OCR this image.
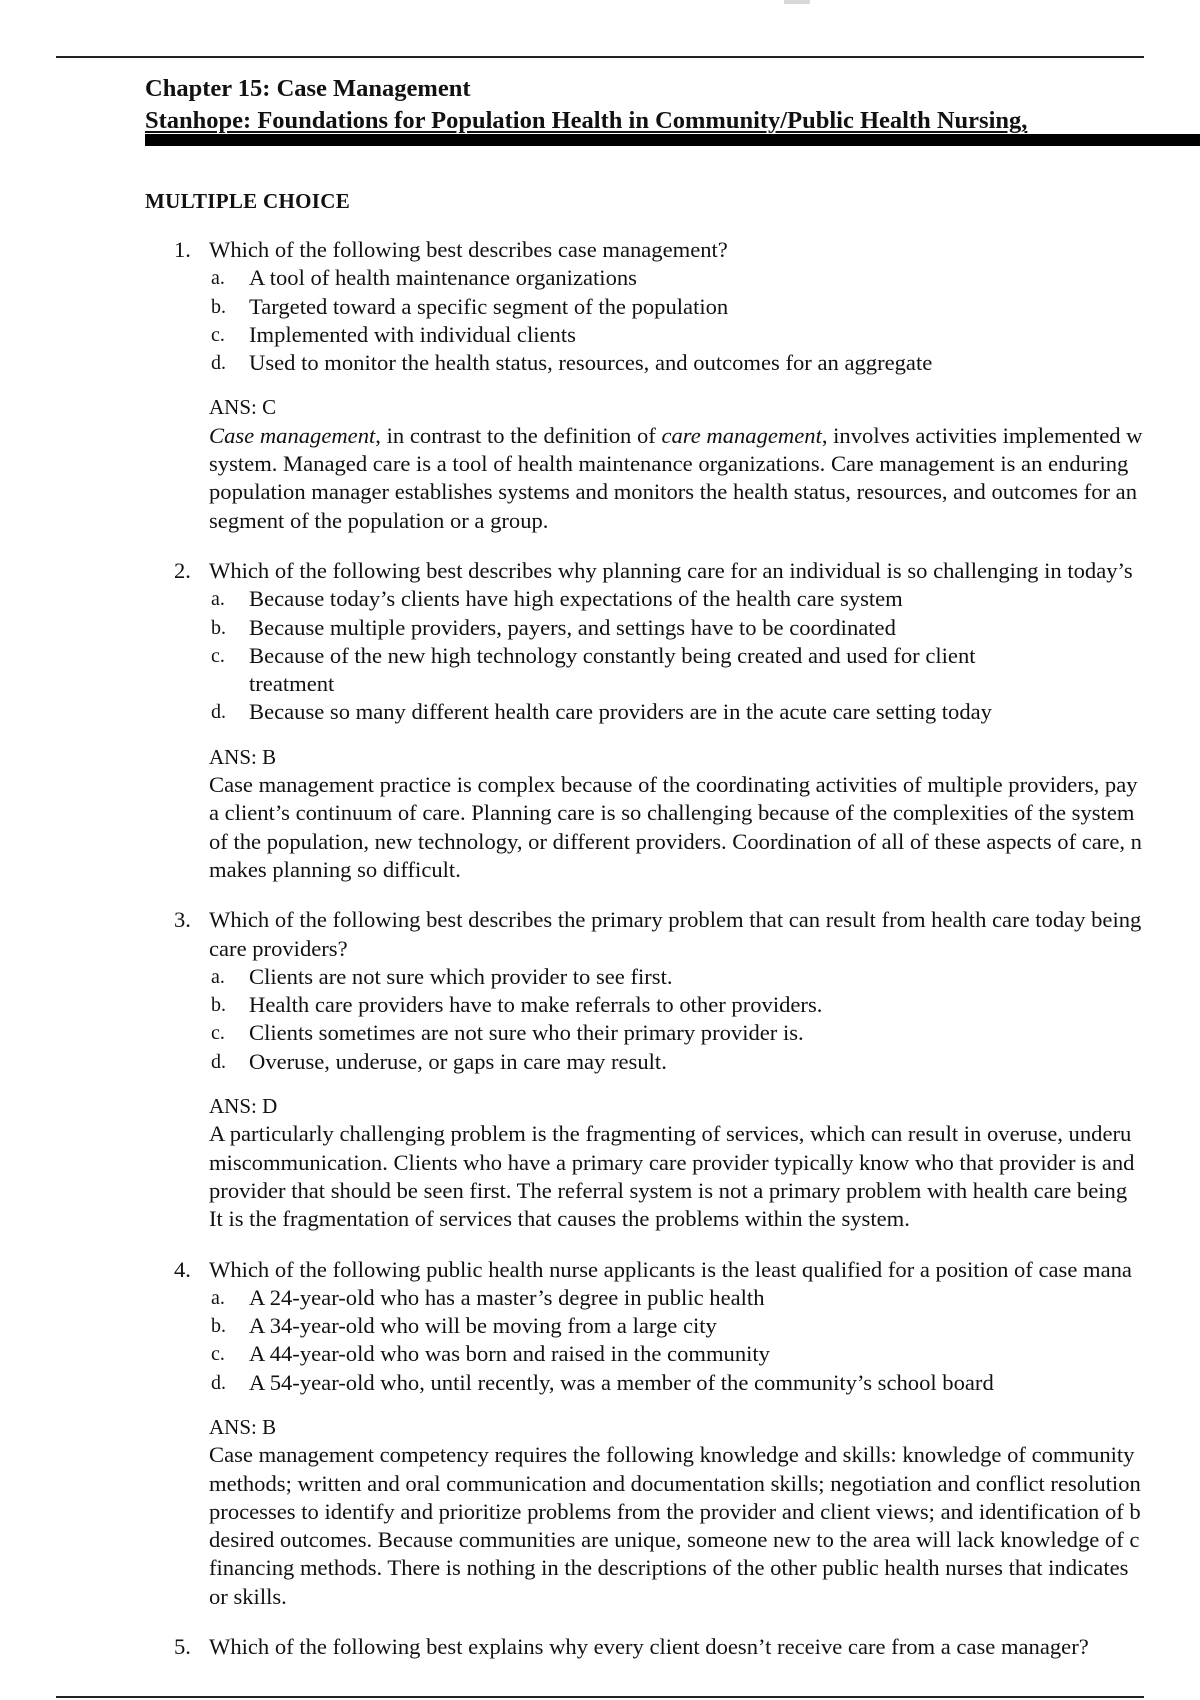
Chapter 15: Case Management
Stanhope: Foundations for Population Health in Community/Public Health Nursing,
MULTIPLE CHOICE
1. Which of the following best describes case management?
a. A tool of health maintenance organizations
b. Targeted toward a specific segment of the population
c. Implemented with individual clients
d. Used to monitor the health status, resources, and outcomes for an aggregate
ANS: C

Case management, in contrast to the definition of care management, involves activities implemented w

system. Managed care is a tool of health maintenance organizations. Care management is an enduring

population manager establishes systems and monitors the health status, resources, and outcomes for an

segment of the population or a group.

2. Which of the following best describes why planning care for an individual is so challenging in today’s
a. Because today’s clients have high expectations of the health care system
b. Because multiple providers, payers, and settings have to be coordinated
c. Because of the new high technology constantly being created and used for client treatment
d. Because so many different health care providers are in the acute care setting today
ANS: B

Case management practice is complex because of the coordinating activities of multiple providers, pay

a client’s continuum of care. Planning care is so challenging because of the complexities of the system

of the population, new technology, or different providers. Coordination of all of these aspects of care, n

makes planning so difficult.

3. Which of the following best describes the primary problem that can result from health care today being
care providers?
a. Clients are not sure which provider to see first.
b. Health care providers have to make referrals to other providers.
c. Clients sometimes are not sure who their primary provider is.
d. Overuse, underuse, or gaps in care may result.
ANS: D

A particularly challenging problem is the fragmenting of services, which can result in overuse, underu

miscommunication. Clients who have a primary care provider typically know who that provider is and

provider that should be seen first. The referral system is not a primary problem with health care being

It is the fragmentation of services that causes the problems within the system.

4. Which of the following public health nurse applicants is the least qualified for a position of case mana
a. A 24-year-old who has a master’s degree in public health
b. A 34-year-old who will be moving from a large city
c. A 44-year-old who was born and raised in the community
d. A 54-year-old who, until recently, was a member of the community’s school board
ANS: B

Case management competency requires the following knowledge and skills: knowledge of community

methods; written and oral communication and documentation skills; negotiation and conflict resolution

processes to identify and prioritize problems from the provider and client views; and identification of b

desired outcomes. Because communities are unique, someone new to the area will lack knowledge of c

financing methods. There is nothing in the descriptions of the other public health nurses that indicates

or skills.

5. Which of the following best explains why every client doesn’t receive care from a case manager?
